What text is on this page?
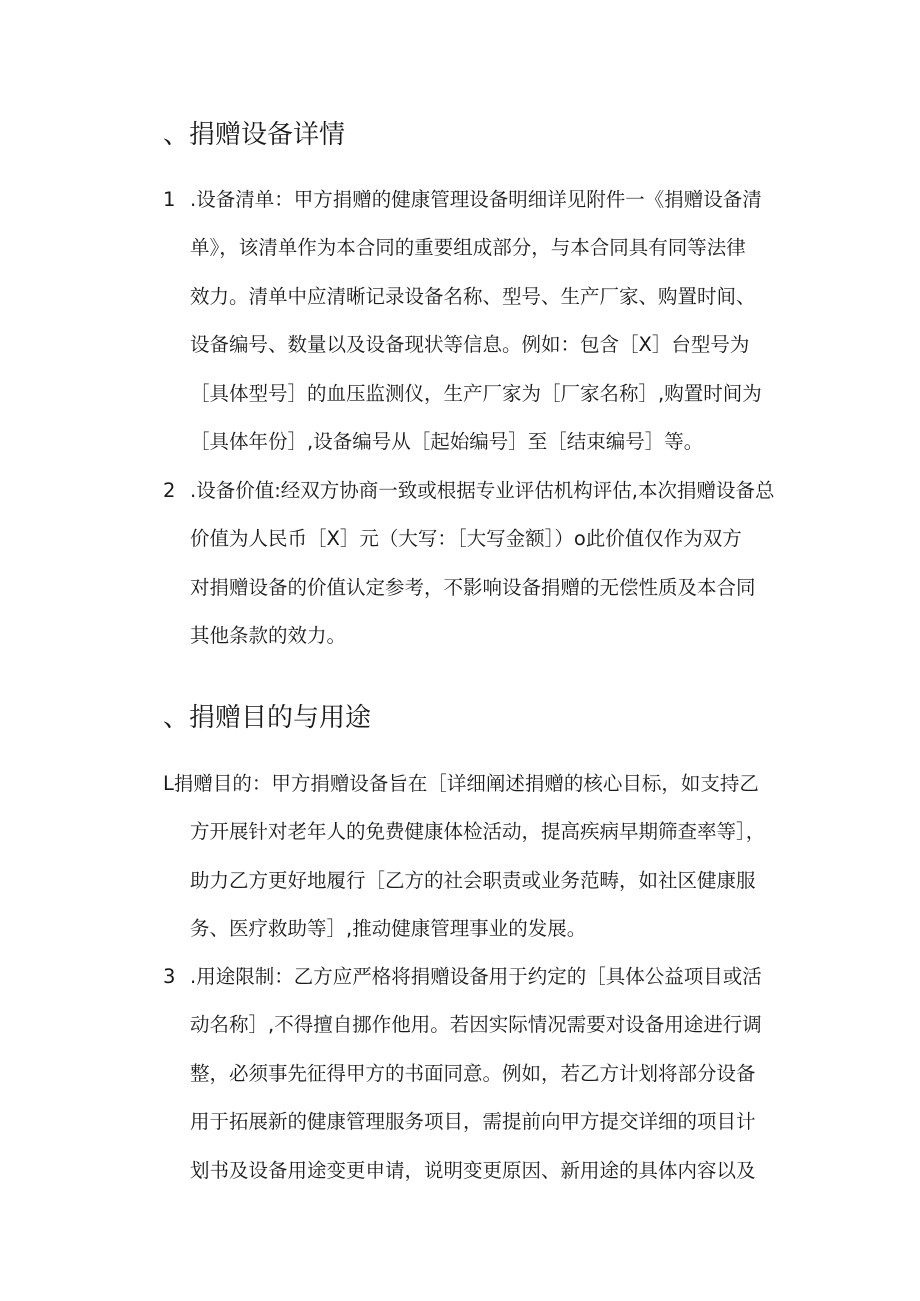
、捐赠设备详情
1 .设备清单：甲方捐赠的健康管理设备明细详见附件一《捐赠设备清
单》，该清单作为本合同的重要组成部分，与本合同具有同等法律
效力。清单中应清晰记录设备名称、型号、生产厂家、购置时间、
设备编号、数量以及设备现状等信息。例如：包含［X］台型号为
［具体型号］的血压监测仪，生产厂家为［厂家名称］,购置时间为
［具体年份］,设备编号从［起始编号］至［结束编号］等。
2 .设备价值:经双方协商一致或根据专业评估机构评估,本次捐赠设备总
价值为人民币［X］元（大写：［大写金额］）o此价值仅作为双方
对捐赠设备的价值认定参考，不影响设备捐赠的无偿性质及本合同
其他条款的效力。
、捐赠目的与用途
L捐赠目的：甲方捐赠设备旨在［详细阐述捐赠的核心目标，如支持乙
方开展针对老年人的免费健康体检活动，提高疾病早期筛查率等］，
助力乙方更好地履行［乙方的社会职责或业务范畴，如社区健康服
务、医疗救助等］,推动健康管理事业的发展。
3 .用途限制：乙方应严格将捐赠设备用于约定的［具体公益项目或活
动名称］,不得擅自挪作他用。若因实际情况需要对设备用途进行调
整，必须事先征得甲方的书面同意。例如，若乙方计划将部分设备
用于拓展新的健康管理服务项目，需提前向甲方提交详细的项目计
划书及设备用途变更申请，说明变更原因、新用途的具体内容以及
